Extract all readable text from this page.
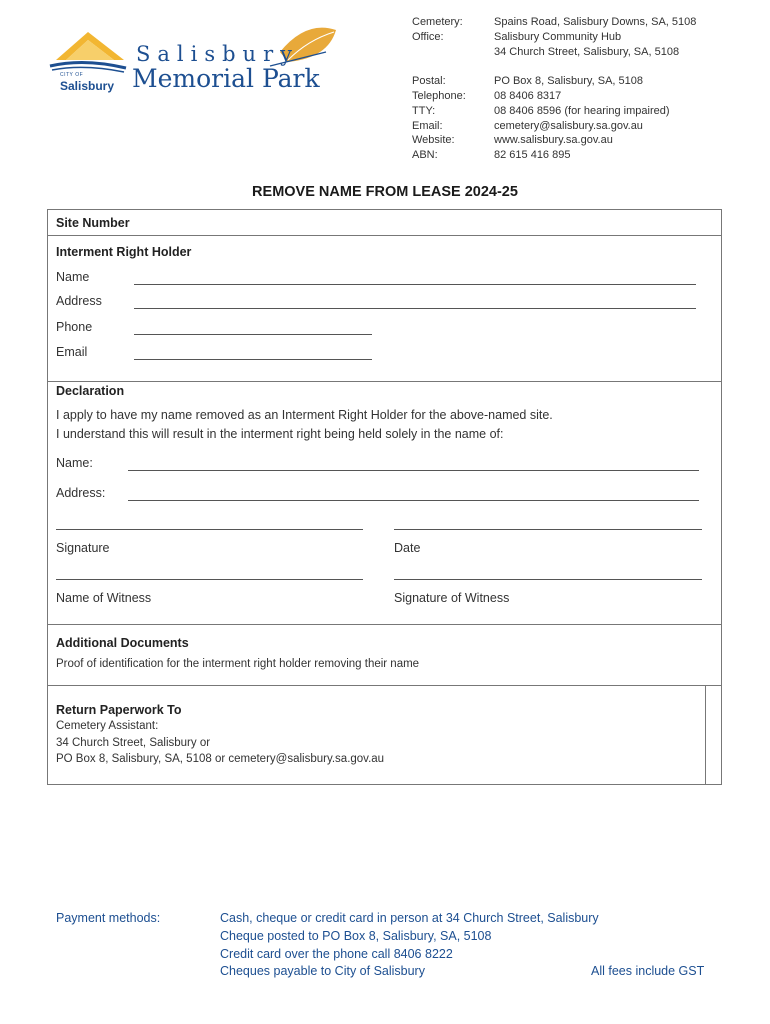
CITY OF
Salisbury
Salisbury
Memorial Park
Cemetery:	Spains Road, Salisbury Downs, SA, 5108
Office:	Salisbury Community Hub
34 Church Street, Salisbury, SA, 5108
Postal:	PO Box 8, Salisbury, SA, 5108
Telephone:	08 8406 8317
TTY:	08 8406 8596 (for hearing impaired)
Email:	cemetery@salisbury.sa.gov.au
Website:	www.salisbury.sa.gov.au
ABN:	82 615 416 895
REMOVE NAME FROM LEASE 2024-25
Site Number
Interment Right Holder
Name
Address
Phone
Email
Declaration
I apply to have my name removed as an Interment Right Holder for the above-named site.
I understand this will result in the interment right being held solely in the name of:
Name:
Address:
Signature	Date
Name of Witness	Signature of Witness
Additional Documents
Proof of identification for the interment right holder removing their name
Return Paperwork To
Cemetery Assistant:
34 Church Street, Salisbury or
PO Box 8, Salisbury, SA, 5108 or cemetery@salisbury.sa.gov.au
Payment methods:	Cash, cheque or credit card in person at 34 Church Street, Salisbury
Cheque posted to PO Box 8, Salisbury, SA, 5108
Credit card over the phone call 8406 8222
Cheques payable to City of Salisbury	All fees include GST
